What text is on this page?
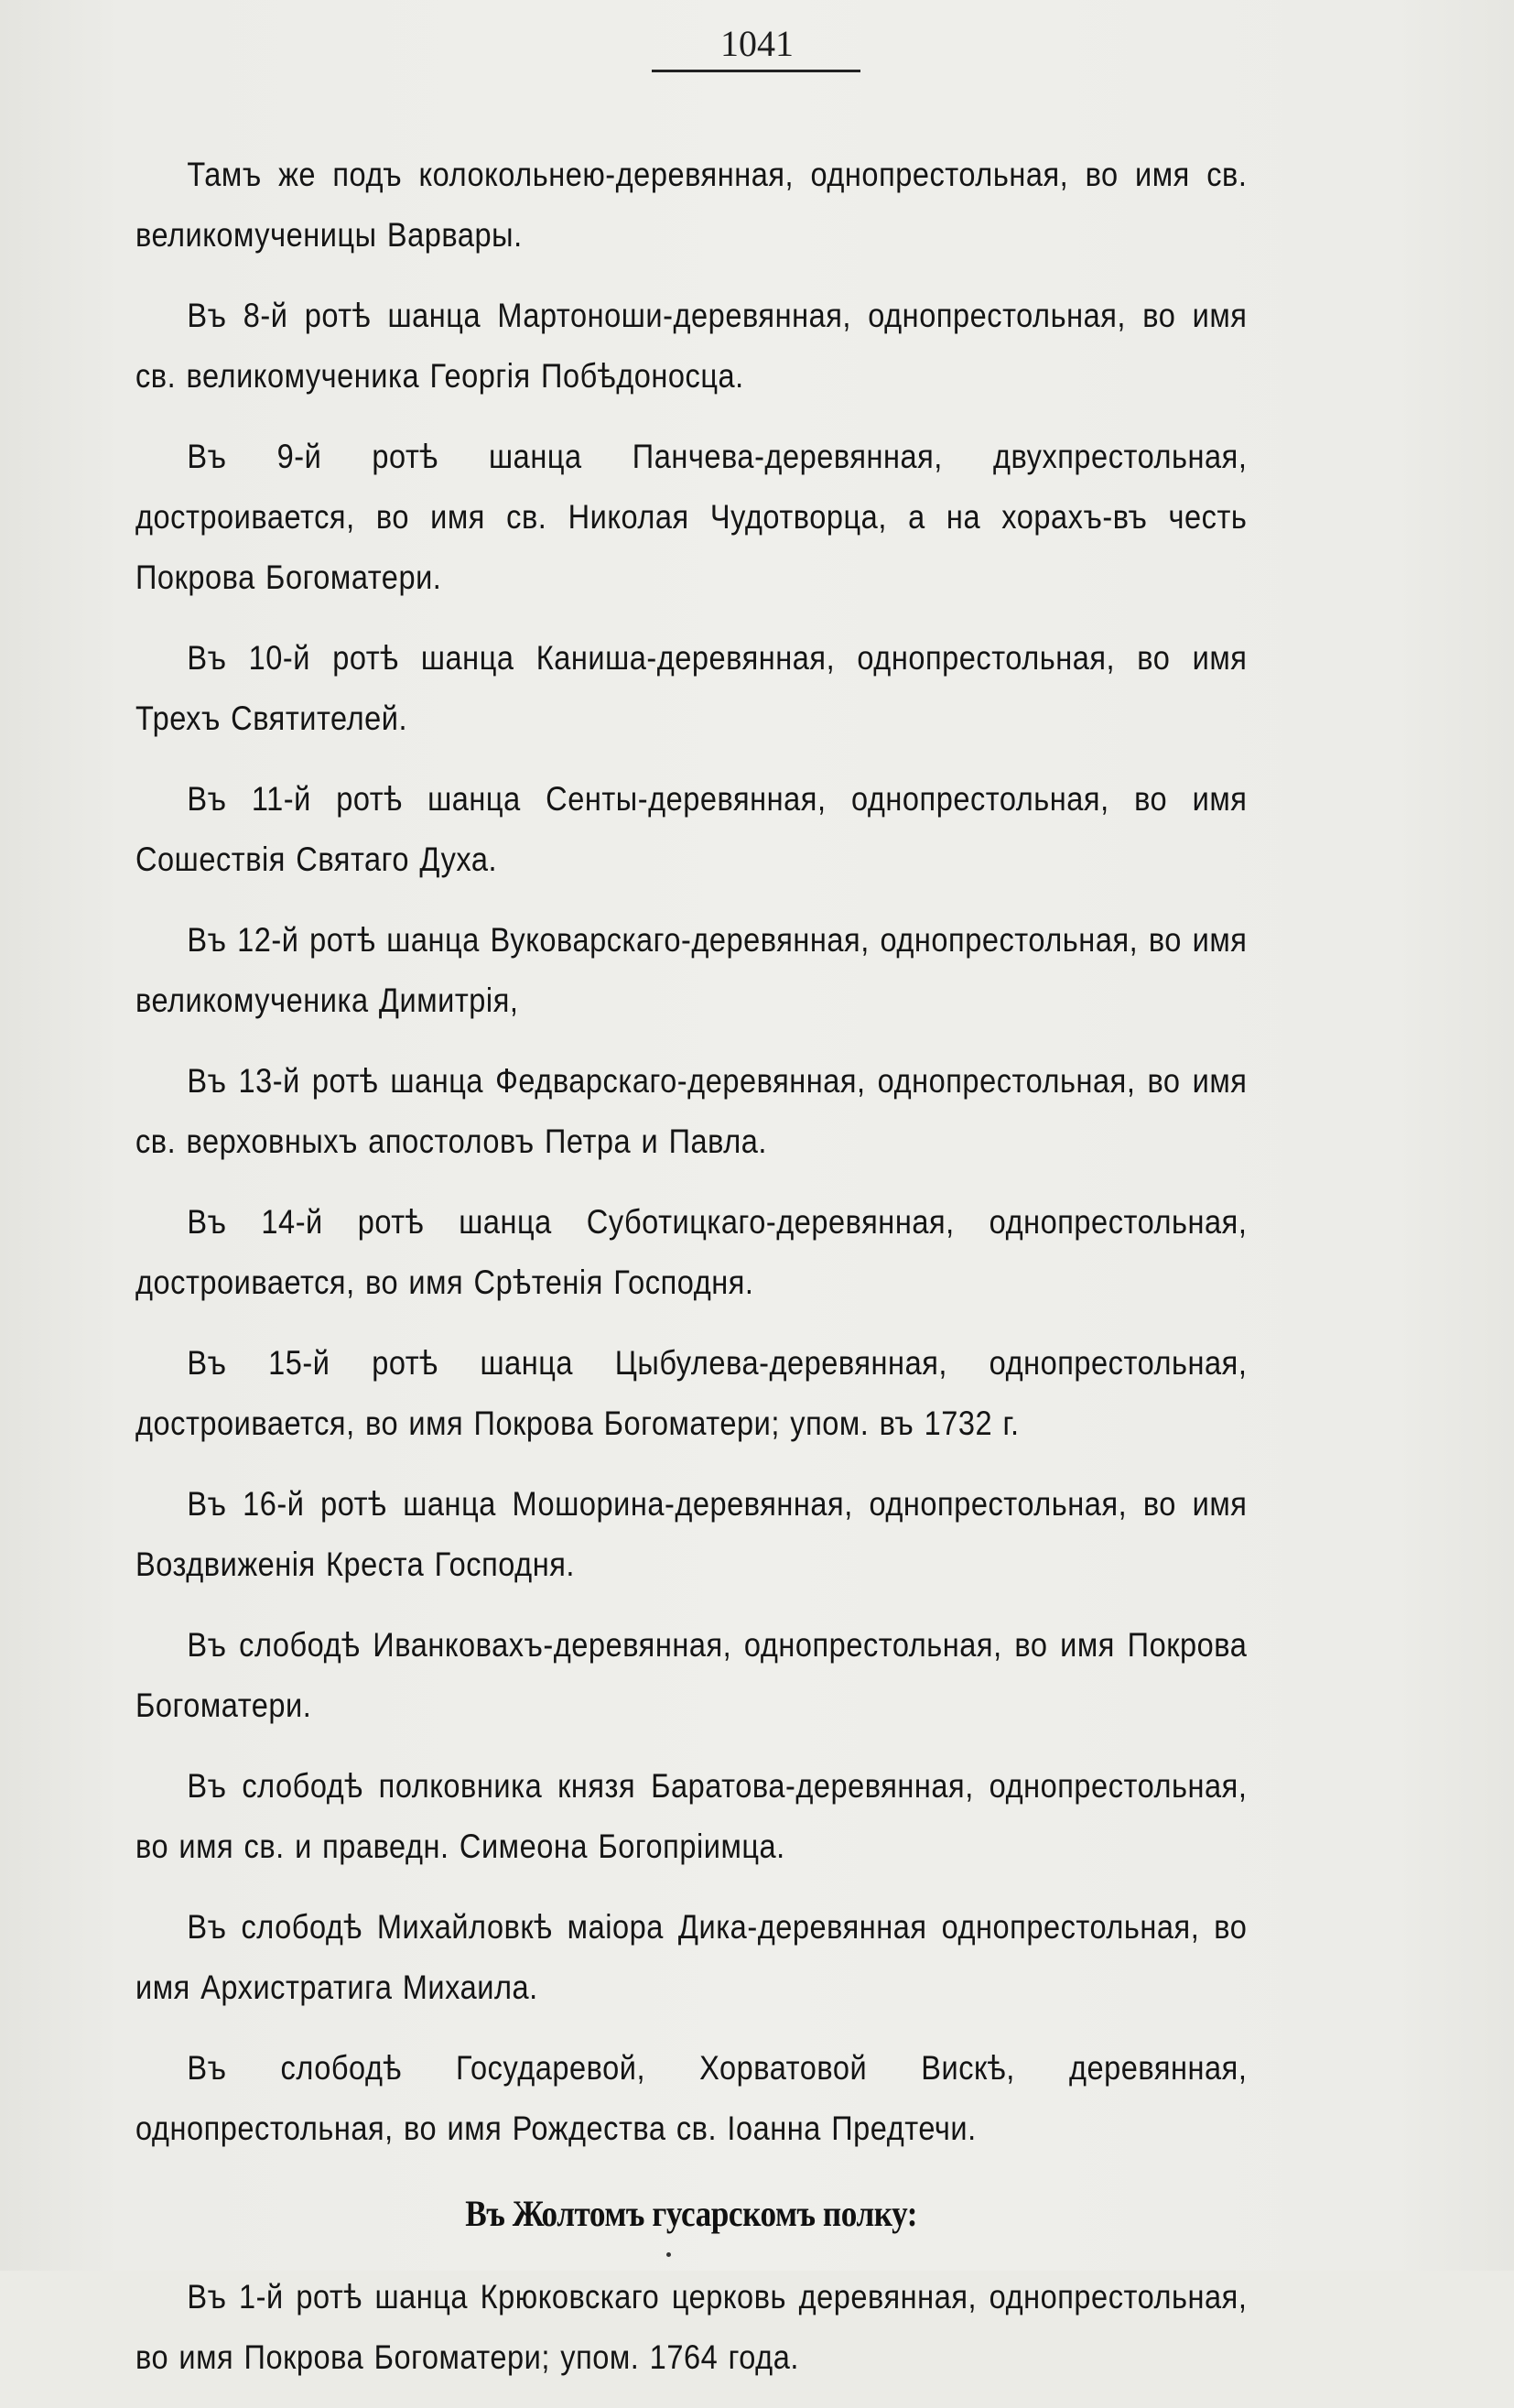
1041

Тамъ же подъ колокольнею-деревянная, однопрестольная, во имя св. великомученицы Варвары.

Въ 8-й ротѣ шанца Мартоноши-деревянная, однопрестольная, во имя св. великомученика Георгія Побѣдоносца.

Въ 9-й ротѣ шанца Панчева-деревянная, двухпрестольная, достроивается, во имя св. Николая Чудотворца, а на хорахъ-въ честь Покрова Богоматери.

Въ 10-й ротѣ шанца Каниша-деревянная, однопрестольная, во имя Трехъ Святителей.

Въ 11-й ротѣ шанца Сенты-деревянная, однопрестольная, во имя Сошествія Святаго Духа.

Въ 12-й ротѣ шанца Вуковарскаго-деревянная, однопрестольная, во имя великомученика Димитрія,

Въ 13-й ротѣ шанца Федварскаго-деревянная, однопрестольная, во имя св. верховныхъ апостоловъ Петра и Павла.

Въ 14-й ротѣ шанца Суботицкаго-деревянная, однопрестольная, достроивается, во имя Срѣтенія Господня.

Въ 15-й ротѣ шанца Цыбулева-деревянная, однопрестольная, достроивается, во имя Покрова Богоматери; упом. въ 1732 г.

Въ 16-й ротѣ шанца Мошорина-деревянная, однопрестольная, во имя Воздвиженія Креста Господня.

Въ слободѣ Иванковахъ-деревянная, однопрестольная, во имя Покрова Богоматери.

Въ слободѣ полковника князя Баратова-деревянная, однопрестольная, во имя св. и праведн. Симеона Богопріимца.

Въ слободѣ Михайловкѣ маіора Дика-деревянная однопрестольная, во имя Архистратига Михаила.

Въ слободѣ Государевой, Хорватовой Вискѣ, деревянная, однопрестольная, во имя Рождества св. Іоанна Предтечи.

Въ Жолтомъ гусарскомъ полку:

Въ 1-й ротѣ шанца Крюковскаго церковь деревянная, однопрестольная, во имя Покрова Богоматери; упом. 1764 года.
